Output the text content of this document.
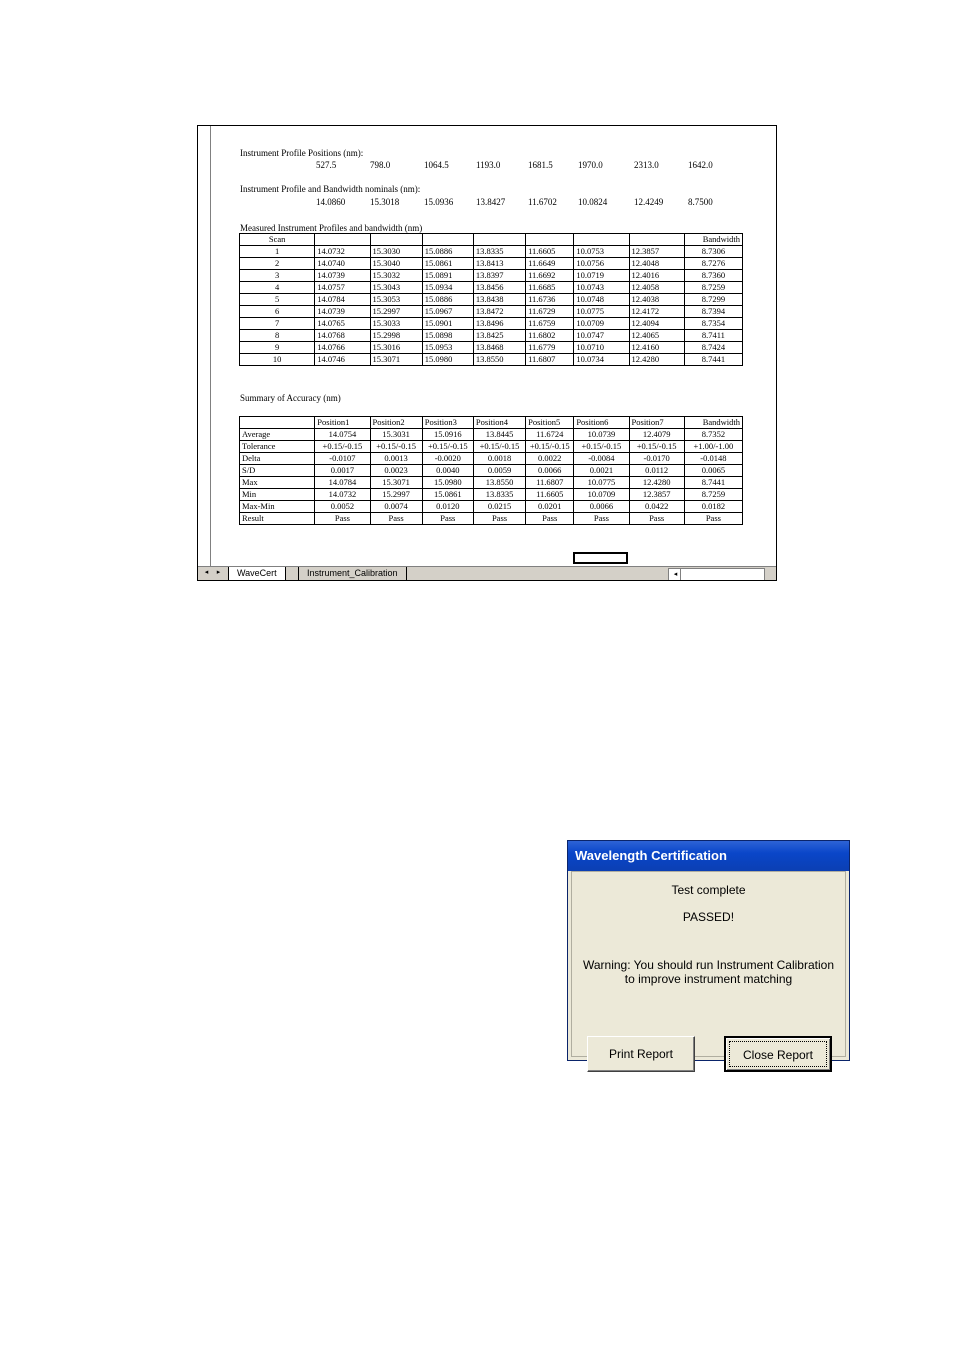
Instrument Profile Positions (nm):
527.5	798.0	1064.5	1193.0	1681.5	1970.0	2313.0	1642.0
Instrument Profile and Bandwidth nominals (nm):
14.0860	15.3018	15.0936	13.8427	11.6702 10.0824	12.4249	8.7500
Measured Instrument Profiles and bandwidth (nm)
Scan								Bandwidth
1	14.0732	15.3030	15.0886	13.8335	11.6605	10.0753	12.3857	8.7306
2	14.0740	15.3040	15.0861	13.8413	11.6649	10.0756	12.4048	8.7276
3	14.0739	15.3032	15.0891	13.8397	11.6692	10.0719	12.4016	8.7360
4	14.0757	15.3043	15.0934	13.8456	11.6685	10.0743	12.4058	8.7259
5	14.0784	15.3053	15.0886	13.8438	11.6736	10.0748	12.4038	8.7299
6	14.0739	15.2997	15.0967	13.8472	11.6729	10.0775	12.4172	8.7394
7	14.0765	15.3033	15.0901	13.8496	11.6759	10.0709	12.4094	8.7354
8	14.0768	15.2998	15.0898	13.8425	11.6802	10.0747	12.4065	8.7411
9	14.0766	15.3016	15.0953	13.8468	11.6779	10.0710	12.4160	8.7424
10	14.0746	15.3071	15.0980	13.8550	11.6807	10.0734	12.4280	8.7441
Summary of Accuracy (nm)
	Position1	Position2	Position3	Position4	Position5	Position6	Position7	Bandwidth
Average	14.0754	15.3031	15.0916	13.8445	11.6724	10.0739	12.4079	8.7352
Tolerance	+0.15/-0.15	+0.15/-0.15	+0.15/-0.15	+0.15/-0.15	+0.15/-0.15	+0.15/-0.15	+0.15/-0.15	+1.00/-1.00
Delta	-0.0107	0.0013	-0.0020	0.0018	0.0022	-0.0084	-0.0170	-0.0148
S/D	0.0017	0.0023	0.0040	0.0059	0.0066	0.0021	0.0112	0.0065
Max	14.0784	15.3071	15.0980	13.8550	11.6807	10.0775	12.4280	8.7441
Min	14.0732	15.2997	15.0861	13.8335	11.6605	10.0709	12.3857	8.7259
Max-Min	0.0052	0.0074	0.0120	0.0215	0.0201	0.0066	0.0422	0.0182
Result	Pass	Pass	Pass	Pass	Pass	Pass	Pass	Pass
◂	▸	WaveCert	Instrument_Calibration	◂
Wavelength Certification
Test complete
PASSED!
Warning: You should run Instrument Calibration
to improve instrument matching
Print Report	Close Report
